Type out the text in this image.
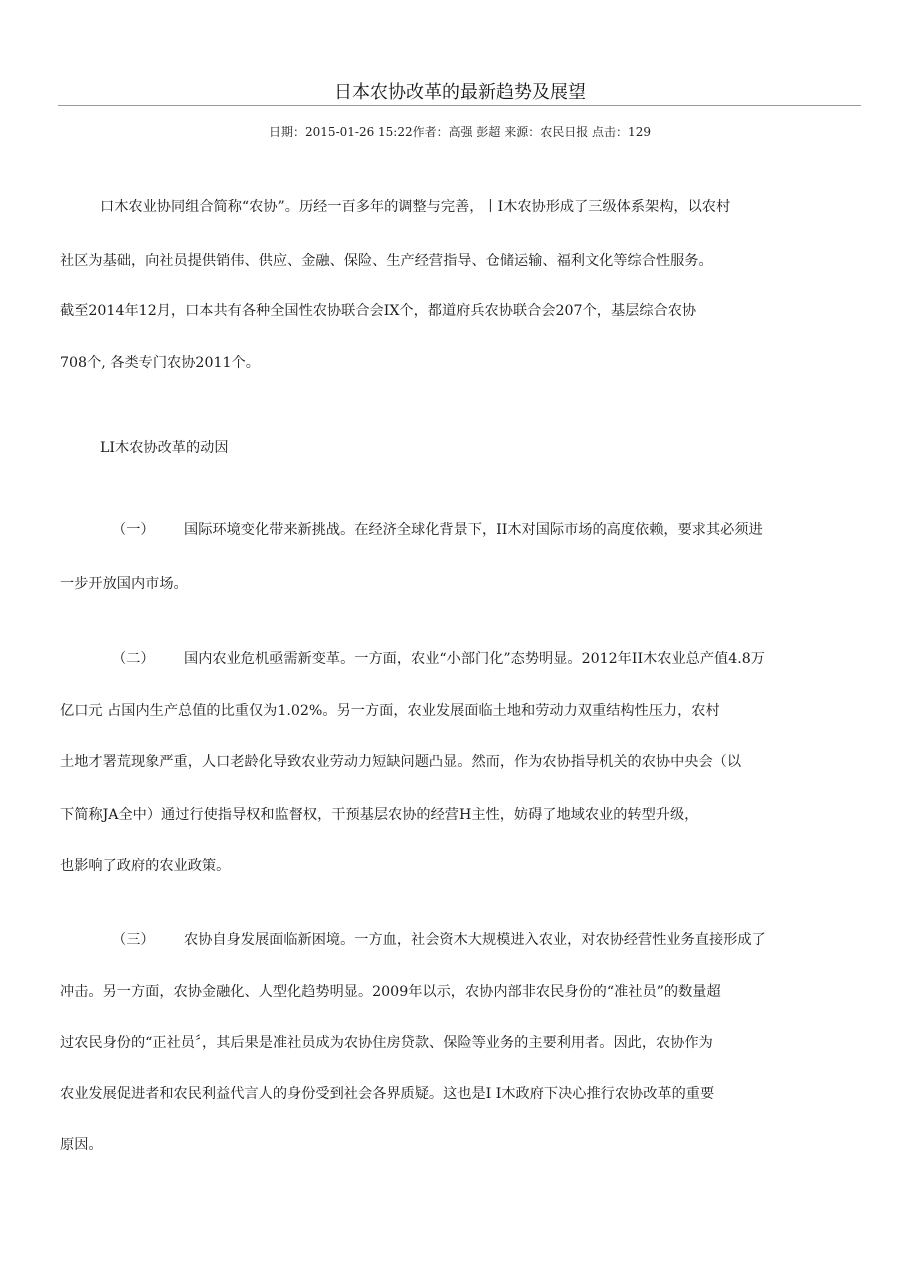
日本农协改革的最新趋势及展望
日期：2015-01-26 15:22作者：高强 彭超 来源：农民日报 点击：129
口木农业协同组合简称“农协”。历经一百多年的调整与完善，丨I木农协形成了三级体系架构，以农村
社区为基础，向社员提供销伟、供应、金融、保险、生产经营指导、仓储运输、福利文化等综合性服务。
截至2014年12月，口本共有各种全国性农协联合会IX个，都道府兵农协联合会207个，基层综合农协
708个, 各类专门农协2011个。
LI木农协改革的动因
（一） 国际环境变化带来新挑战。在经济全球化背景下，II木对国际市场的高度依赖，要求其必须进
一步开放国内市场。
（二） 国内农业危机亟需新变革。一方面，农业“小部门化”态势明显。2012年II木农业总产值4.8万
亿口元 占国内生产总值的比重仅为1.02%。另一方面，农业发展面临土地和劳动力双重结构性压力，农村
土地才署荒现象严重，人口老龄化导致农业劳动力短缺问题凸显。然而，作为农协指导机关的农协中央会（以
下简称JA全中）通过行使指导权和监督权，干预基层农协的经营H主性，妨碍了地域农业的转型升级，
也影响了政府的农业政策。
（三） 农协自身发展面临新困境。一方血，社会资木大规模进入农业，对农协经营性业务直接形成了
冲击。另一方面，农协金融化、人型化趋势明显。2009年以示，农协内部非农民身份的“准社员”的数量超
过农民身份的“正社员〞，其后果是准社员成为农协住房贷款、保险等业务的主要利用者。因此，农协作为
农业发展促进者和农民利益代言人的身份受到社会各界质疑。这也是I I木政府下决心推行农协改革的重要
原因。
